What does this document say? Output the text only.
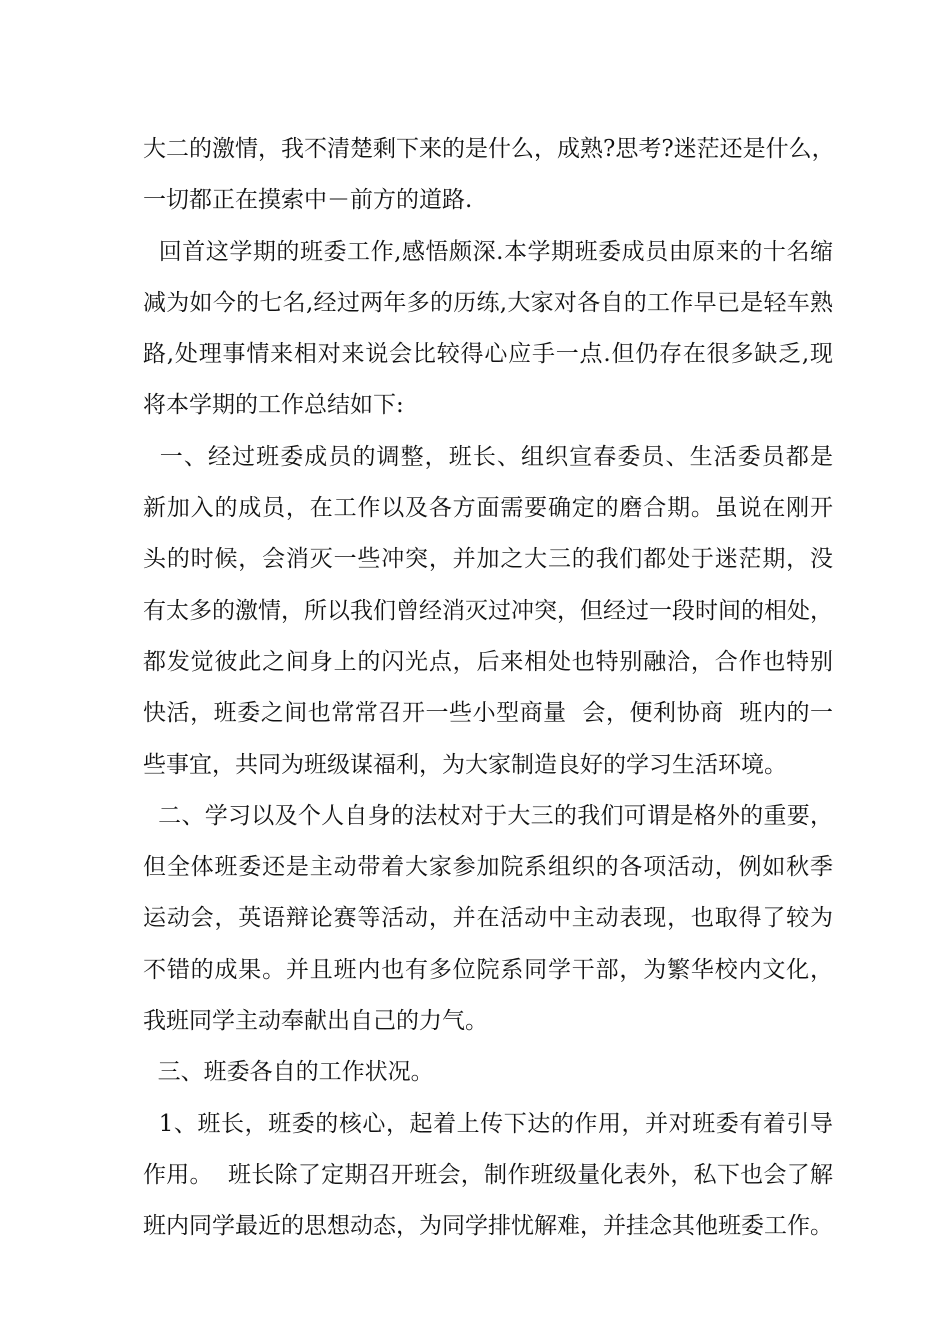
大二的激情，我不清楚剩下来的是什么，成熟?思考?迷茫还是什么，
一切都正在摸索中－前方的道路.
回首这学期的班委工作,感悟颇深.本学期班委成员由原来的十名缩
减为如今的七名,经过两年多的历练,大家对各自的工作早已是轻车熟
路,处理事情来相对来说会比较得心应手一点.但仍存在很多缺乏,现
将本学期的工作总结如下:
一、经过班委成员的调整，班长、组织宣春委员、生活委员都是
新加入的成员，在工作以及各方面需要确定的磨合期。虽说在刚开
头的时候，会消灭一些冲突，并加之大三的我们都处于迷茫期，没
有太多的激情，所以我们曾经消灭过冲突，但经过一段时间的相处，
都发觉彼此之间身上的闪光点，后来相处也特别融洽，合作也特别
快活，班委之间也常常召开一些小型商量  会，便利协商  班内的一
些事宜，共同为班级谋福利，为大家制造良好的学习生活环境。
二、学习以及个人自身的法杖对于大三的我们可谓是格外的重要，
但全体班委还是主动带着大家参加院系组织的各项活动，例如秋季
运动会，英语辩论赛等活动，并在活动中主动表现，也取得了较为
不错的成果。并且班内也有多位院系同学干部，为繁华校内文化，
我班同学主动奉献出自己的力气。
三、班委各自的工作状况。
1、班长，班委的核心，起着上传下达的作用，并对班委有着引导
作用。  班长除了定期召开班会，制作班级量化表外，私下也会了解
班内同学最近的思想动态，为同学排忧解难，并挂念其他班委工作。
